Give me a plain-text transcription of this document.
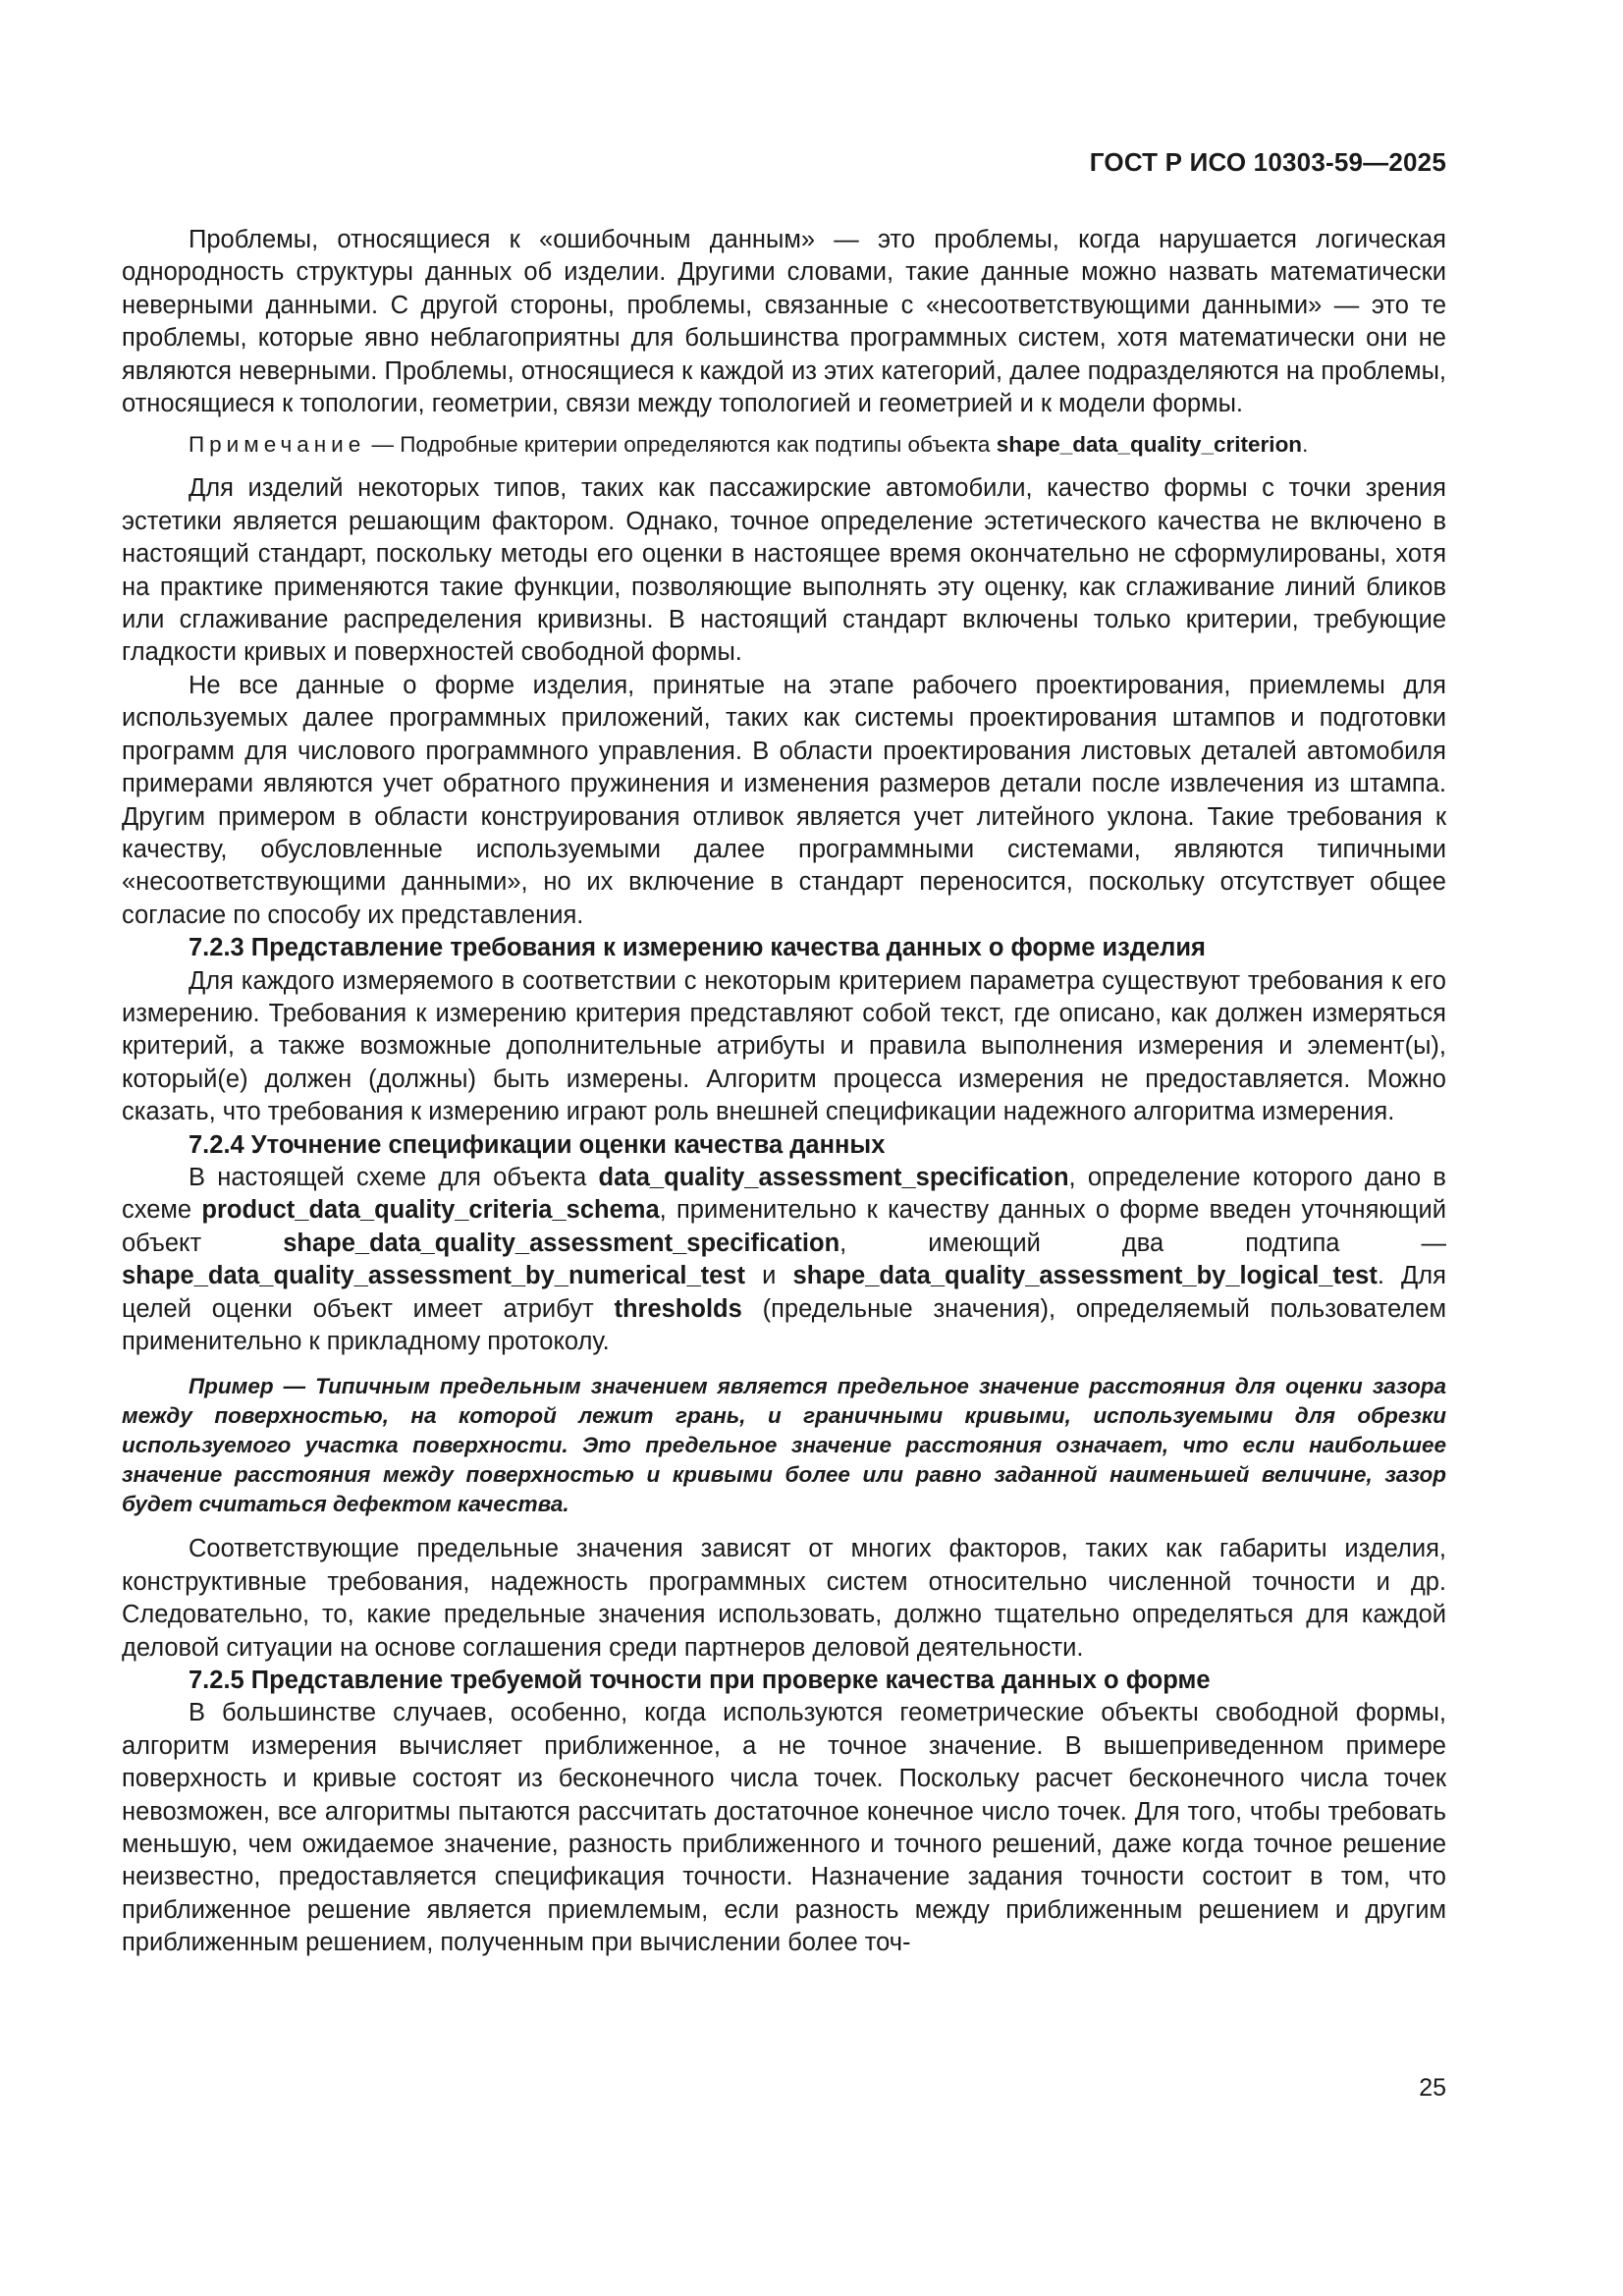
ГОСТ Р ИСО 10303-59—2025

Проблемы, относящиеся к «ошибочным данным» — это проблемы, когда нарушается логическая однородность структуры данных об изделии. Другими словами, такие данные можно назвать математически неверными данными. С другой стороны, проблемы, связанные с «несоответствующими данными» — это те проблемы, которые явно неблагоприятны для большинства программных систем, хотя математически они не являются неверными. Проблемы, относящиеся к каждой из этих категорий, далее подразделяются на проблемы, относящиеся к топологии, геометрии, связи между топологией и геометрией и к модели формы.

Примечание — Подробные критерии определяются как подтипы объекта shape_data_quality_criterion.

Для изделий некоторых типов, таких как пассажирские автомобили, качество формы с точки зрения эстетики является решающим фактором. Однако, точное определение эстетического качества не включено в настоящий стандарт, поскольку методы его оценки в настоящее время окончательно не сформулированы, хотя на практике применяются такие функции, позволяющие выполнять эту оценку, как сглаживание линий бликов или сглаживание распределения кривизны. В настоящий стандарт включены только критерии, требующие гладкости кривых и поверхностей свободной формы.

Не все данные о форме изделия, принятые на этапе рабочего проектирования, приемлемы для используемых далее программных приложений, таких как системы проектирования штампов и подготовки программ для числового программного управления. В области проектирования листовых деталей автомобиля примерами являются учет обратного пружинения и изменения размеров детали после извлечения из штампа. Другим примером в области конструирования отливок является учет литейного уклона. Такие требования к качеству, обусловленные используемыми далее программными системами, являются типичными «несоответствующими данными», но их включение в стандарт переносится, поскольку отсутствует общее согласие по способу их представления.

7.2.3 Представление требования к измерению качества данных о форме изделия

Для каждого измеряемого в соответствии с некоторым критерием параметра существуют требования к его измерению. Требования к измерению критерия представляют собой текст, где описано, как должен измеряться критерий, а также возможные дополнительные атрибуты и правила выполнения измерения и элемент(ы), который(е) должен (должны) быть измерены. Алгоритм процесса измерения не предоставляется. Можно сказать, что требования к измерению играют роль внешней спецификации надежного алгоритма измерения.

7.2.4 Уточнение спецификации оценки качества данных

В настоящей схеме для объекта data_quality_assessment_specification, определение которого дано в схеме product_data_quality_criteria_schema, применительно к качеству данных о форме введен уточняющий объект shape_data_quality_assessment_specification, имеющий два подтипа — shape_data_quality_assessment_by_numerical_test и shape_data_quality_assessment_by_logical_test. Для целей оценки объект имеет атрибут thresholds (предельные значения), определяемый пользователем применительно к прикладному протоколу.

Пример — Типичным предельным значением является предельное значение расстояния для оценки зазора между поверхностью, на которой лежит грань, и граничными кривыми, используемыми для обрезки используемого участка поверхности. Это предельное значение расстояния означает, что если наибольшее значение расстояния между поверхностью и кривыми более или равно заданной наименьшей величине, зазор будет считаться дефектом качества.

Соответствующие предельные значения зависят от многих факторов, таких как габариты изделия, конструктивные требования, надежность программных систем относительно численной точности и др. Следовательно, то, какие предельные значения использовать, должно тщательно определяться для каждой деловой ситуации на основе соглашения среди партнеров деловой деятельности.

7.2.5 Представление требуемой точности при проверке качества данных о форме

В большинстве случаев, особенно, когда используются геометрические объекты свободной формы, алгоритм измерения вычисляет приближенное, а не точное значение. В вышеприведенном примере поверхность и кривые состоят из бесконечного числа точек. Поскольку расчет бесконечного числа точек невозможен, все алгоритмы пытаются рассчитать достаточное конечное число точек. Для того, чтобы требовать меньшую, чем ожидаемое значение, разность приближенного и точного решений, даже когда точное решение неизвестно, предоставляется спецификация точности. Назначение задания точности состоит в том, что приближенное решение является приемлемым, если разность между приближенным решением и другим приближенным решением, полученным при вычислении более точ-

25
